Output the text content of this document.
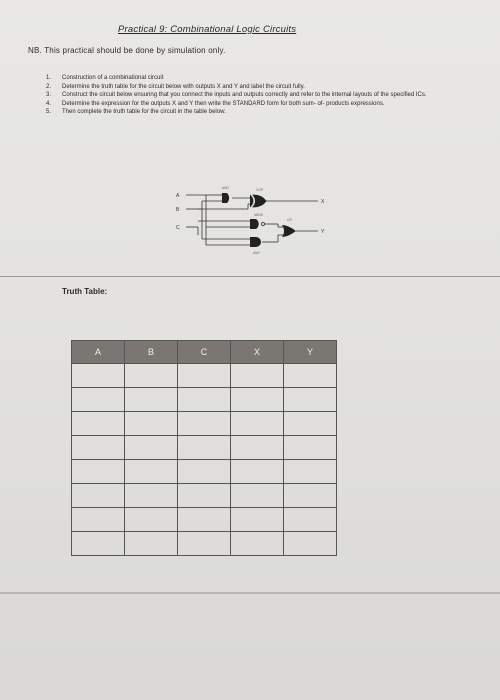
Practical 9: Combinational Logic Circuits
NB. This practical should be done by simulation only.
1.	Construction of a combinational circuit
2.	Determine the truth table for the circuit below with outputs X and Y and label the circuit fully.
3.	Construct the circuit below ensuring that you connect the inputs and outputs correctly and refer to the internal layouts of the specified ICs.
4.	Determine the expression for the outputs X and Y then write the STANDARD form for both sum- of- products expressions.
5.	Then complete the truth table for the circuit in the table below.
A
B
C
X
Y
AND	XOR
NAND
OR
AND
Truth Table:
A	B	C	X	Y
